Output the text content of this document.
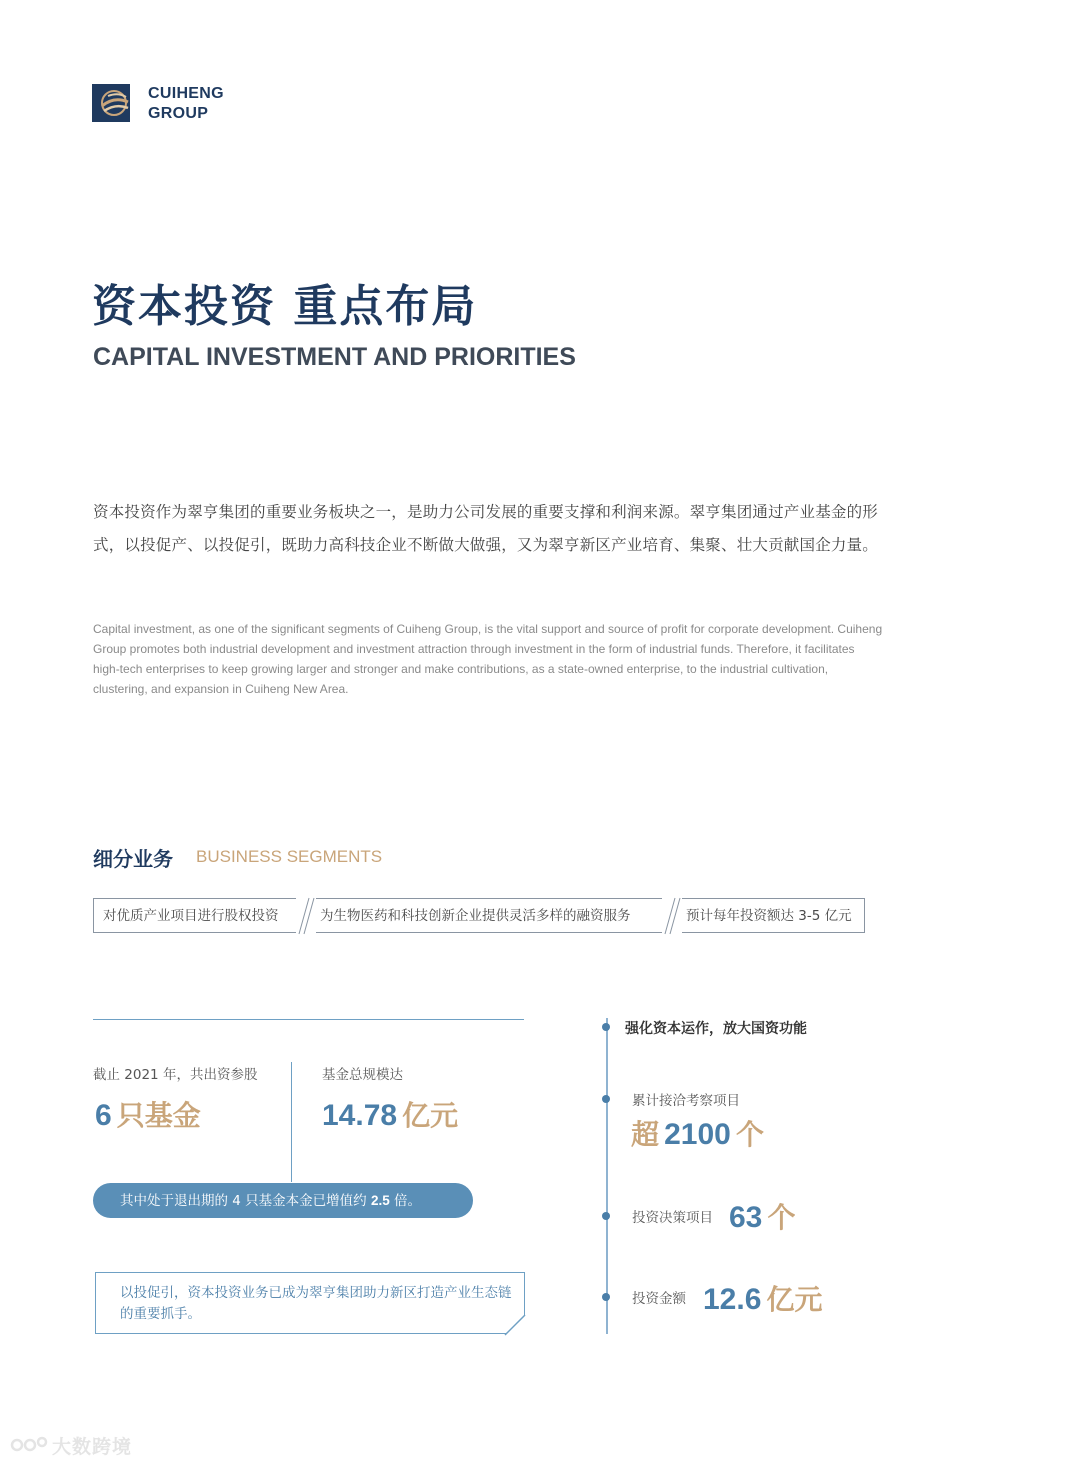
CUIHENG
GROUP
资本投资 重点布局
CAPITAL INVESTMENT AND PRIORITIES
资本投资作为翠亨集团的重要业务板块之一，是助力公司发展的重要支撑和利润来源。翠亨集团通过产业基金的形式，以投促产、以投促引，既助力高科技企业不断做大做强，又为翠亨新区产业培育、集聚、壮大贡献国企力量。
Capital investment, as one of the significant segments of Cuiheng Group, is the vital support and source of profit for corporate development. Cuiheng Group promotes both industrial development and investment attraction through investment in the form of industrial funds. Therefore, it facilitates high-tech enterprises to keep growing larger and stronger and make contributions, as a state-owned enterprise, to the industrial cultivation, clustering, and expansion in Cuiheng New Area.
细分业务 BUSINESS SEGMENTS
对优质产业项目进行股权投资	为生物医药和科技创新企业提供灵活多样的融资服务	预计每年投资额达 3-5 亿元
截止 2021 年，共出资参股
6 只基金
基金总规模达
14.78 亿元
其中处于退出期的 4 只基金本金已增值约 2.5 倍。
以投促引，资本投资业务已成为翠亨集团助力新区打造产业生态链的重要抓手。
强化资本运作，放大国资功能
累计接洽考察项目
超 2100 个
投资决策项目 63 个
投资金额 12.6 亿元
大数跨境
